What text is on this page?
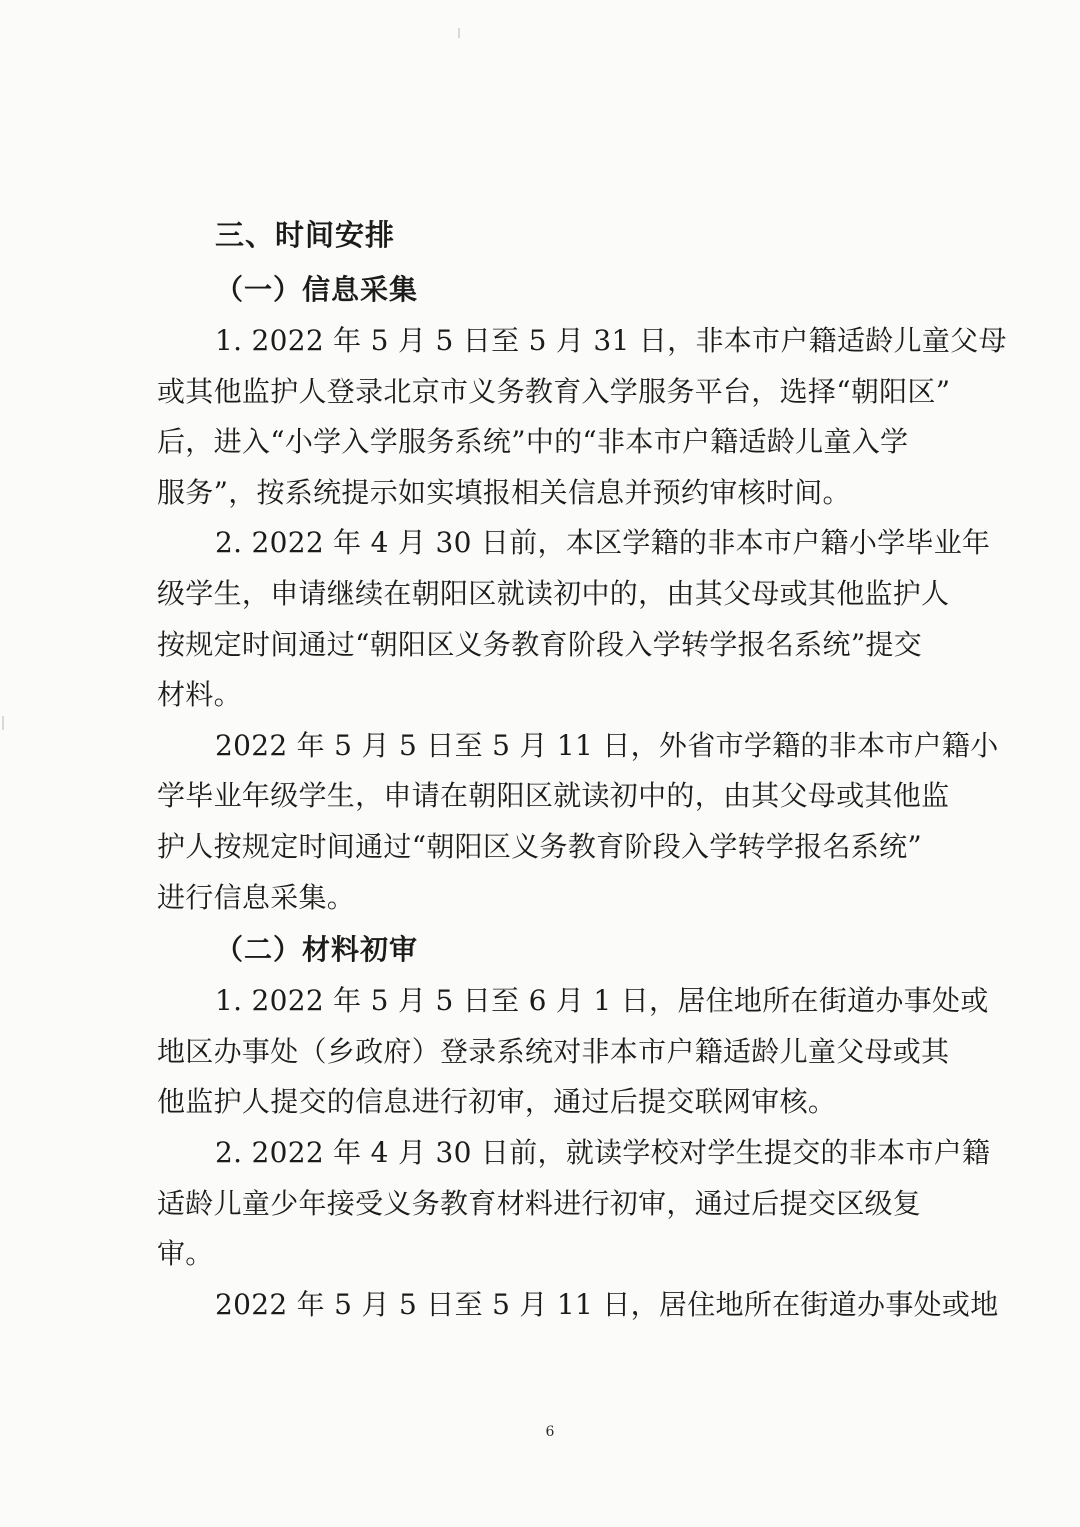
三、时间安排
（一）信息采集

1. 2022 年 5 月 5 日至 5 月 31 日，非本市户籍适龄儿童父母
或其他监护人登录北京市义务教育入学服务平台，选择“朝阳区”
后，进入“小学入学服务系统”中的“非本市户籍适龄儿童入学
服务”，按系统提示如实填报相关信息并预约审核时间。

2. 2022 年 4 月 30 日前，本区学籍的非本市户籍小学毕业年
级学生，申请继续在朝阳区就读初中的，由其父母或其他监护人
按规定时间通过“朝阳区义务教育阶段入学转学报名系统”提交
材料。

2022 年 5 月 5 日至 5 月 11 日，外省市学籍的非本市户籍小
学毕业年级学生，申请在朝阳区就读初中的，由其父母或其他监
护人按规定时间通过“朝阳区义务教育阶段入学转学报名系统”
进行信息采集。

（二）材料初审

1. 2022 年 5 月 5 日至 6 月 1 日，居住地所在街道办事处或
地区办事处（乡政府）登录系统对非本市户籍适龄儿童父母或其
他监护人提交的信息进行初审，通过后提交联网审核。

2. 2022 年 4 月 30 日前，就读学校对学生提交的非本市户籍
适龄儿童少年接受义务教育材料进行初审，通过后提交区级复
审。

2022 年 5 月 5 日至 5 月 11 日，居住地所在街道办事处或地

6
